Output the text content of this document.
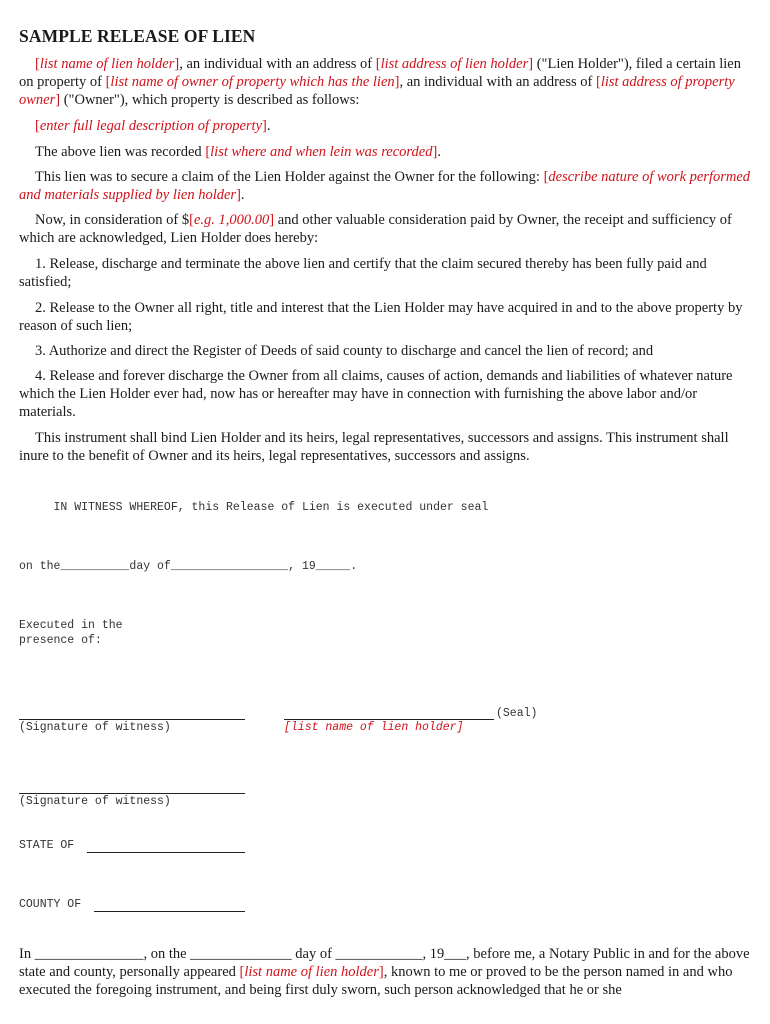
SAMPLE RELEASE OF LIEN
[list name of lien holder], an individual with an address of [list address of lien holder] ("Lien Holder"), filed a certain lien on property of [list name of owner of property which has the lien], an individual with an address of [list address of property owner] ("Owner"), which property is described as follows:
[enter full legal description of property].
The above lien was recorded [list where and when lein was recorded].
This lien was to secure a claim of the Lien Holder against the Owner for the following: [describe nature of work performed and materials supplied by lien holder].
Now, in consideration of $[e.g. 1,000.00] and other valuable consideration paid by Owner, the receipt and sufficiency of which are acknowledged, Lien Holder does hereby:
1. Release, discharge and terminate the above lien and certify that the claim secured thereby has been fully paid and satisfied;
2. Release to the Owner all right, title and interest that the Lien Holder may have acquired in and to the above property by reason of such lien;
3. Authorize and direct the Register of Deeds of said county to discharge and cancel the lien of record; and
4. Release and forever discharge the Owner from all claims, causes of action, demands and liabilities of whatever nature which the Lien Holder ever had, now has or hereafter may have in connection with furnishing the above labor and/or materials.
This instrument shall bind Lien Holder and its heirs, legal representatives, successors and assigns. This instrument shall inure to the benefit of Owner and its heirs, legal representatives, successors and assigns.
IN WITNESS WHEREOF, this Release of Lien is executed under seal
on the__________day of_________________, 19_____.
Executed in the
presence of:
(Seal)
(Signature of witness)	[list name of lien holder]
(Signature of witness)
STATE OF
COUNTY OF
In _______________, on the ______________ day of ____________, 19___, before me, a Notary Public in and for the above state and county, personally appeared [list name of lien holder], known to me or proved to be the person named in and who executed the foregoing instrument, and being first duly sworn, such person acknowledged that he or she
